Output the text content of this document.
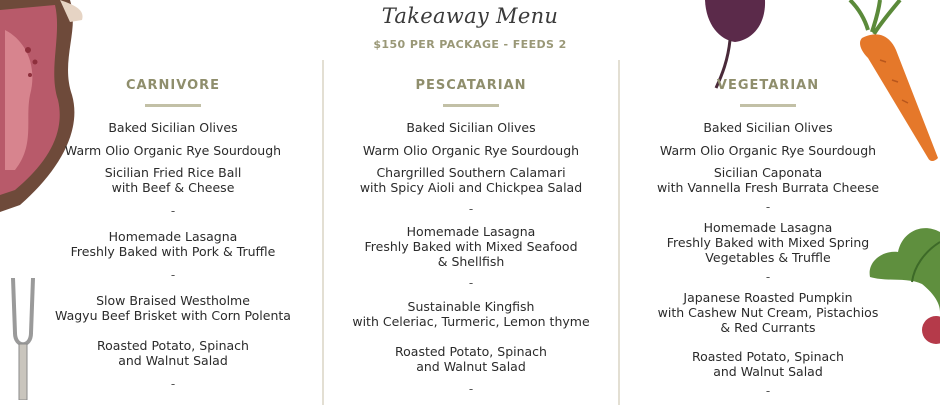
Takeaway Menu
$150 PER PACKAGE - FEEDS 2
CARNIVORE
Baked Sicilian Olives
Warm Olio Organic Rye Sourdough
Sicilian Fried Rice Ball
with Beef & Cheese
-
Homemade Lasagna
Freshly Baked with Pork & Truffle
-
Slow Braised Westholme
Wagyu Beef Brisket with Corn Polenta
Roasted Potato, Spinach
and Walnut Salad
-
PESCATARIAN
Baked Sicilian Olives
Warm Olio Organic Rye Sourdough
Chargrilled Southern Calamari
with Spicy Aioli and Chickpea Salad
-
Homemade Lasagna
Freshly Baked with Mixed Seafood
& Shellfish
-
Sustainable Kingfish
with Celeriac, Turmeric, Lemon thyme
Roasted Potato, Spinach
and Walnut Salad
-
VEGETARIAN
Baked Sicilian Olives
Warm Olio Organic Rye Sourdough
Sicilian Caponata
with Vannella Fresh Burrata Cheese
-
Homemade Lasagna
Freshly Baked with Mixed Spring
Vegetables & Truffle
-
Japanese Roasted Pumpkin
with Cashew Nut Cream, Pistachios
& Red Currants
Roasted Potato, Spinach
and Walnut Salad
-
